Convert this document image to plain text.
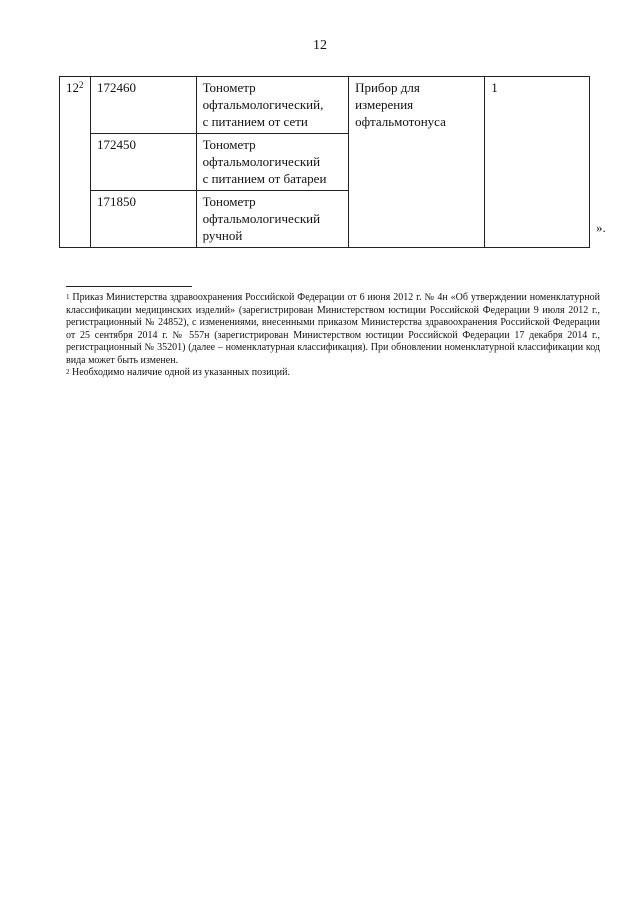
12
12$^2$	172460	Тонометр
офтальмологический,
с питанием от сети	Прибор для
измерения
офтальмотонуса	1
	172450	Тонометр
офтальмологический
с питанием от батареи		
	171850	Тонометр
офтальмологический
ручной		
».

$^1$ Приказ Министерства здравоохранения Российской Федерации от 6 июня 2012 г. № 4н «Об утверждении номенклатурной классификации медицинских изделий» (зарегистрирован Министерством юстиции Российской Федерации 9 июля 2012 г., регистрационный № 24852), с изменениями, внесенными приказом Министерства здравоохранения Российской Федерации от 25 сентября 2014 г. № 557н (зарегистрирован Министерством юстиции Российской Федерации 17 декабря 2014 г., регистрационный № 35201) (далее – номенклатурная классификация). При обновлении номенклатурной классификации код вида может быть изменен.

$^2$ Необходимо наличие одной из указанных позиций.
